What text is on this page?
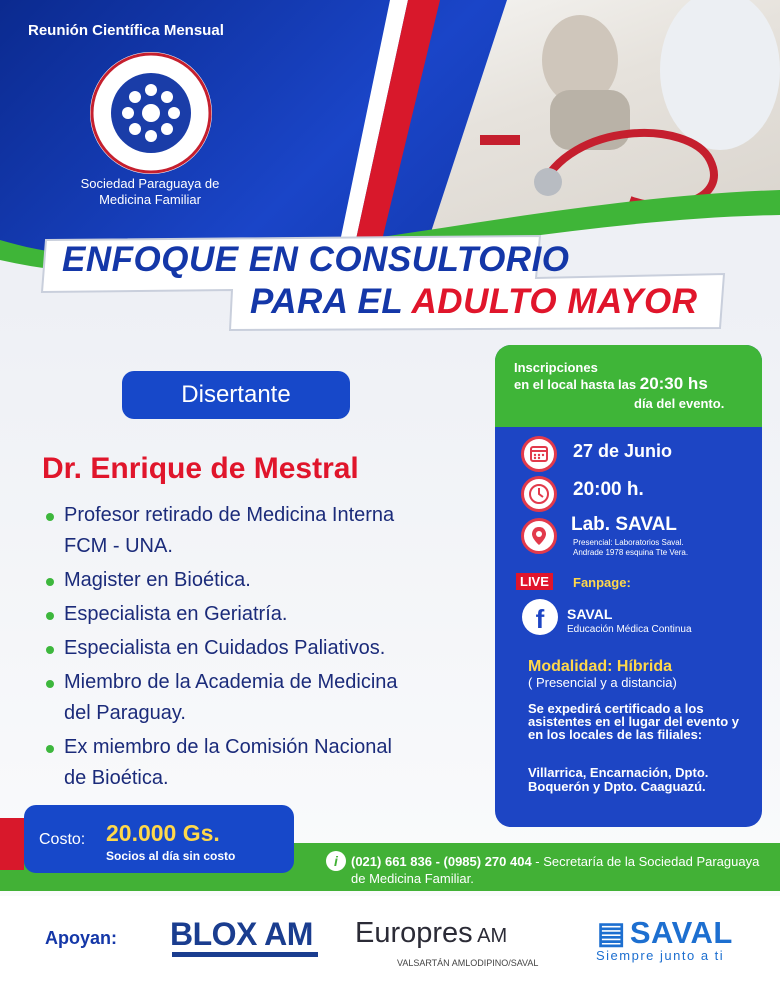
Reunión Científica Mensual
Sociedad Paraguaya de
Medicina Familiar
ENFOQUE EN CONSULTORIO
PARA EL ADULTO MAYOR
Disertante
Dr. Enrique de Mestral
Profesor retirado de Medicina Interna
FCM - UNA.
Magister en Bioética.
Especialista en Geriatría.
Especialista en Cuidados Paliativos.
Miembro de la Academia de Medicina
del Paraguay.
Ex miembro de la Comisión Nacional
de Bioética.
Inscripciones
en el local hasta las 20:30 hs
día del evento.
27 de Junio
20:00 h.
Lab. SAVAL
Presencial: Laboratorios Saval.
Andrade 1978 esquina Tte Vera.
LIVE	Fanpage:
f	SAVAL
Educación Médica Continua
Modalidad: Híbrida
( Presencial y a distancia)
Se expedirá certificado a los asistentes en el lugar del evento y en los locales de las filiales:
Villarrica, Encarnación, Dpto. Boquerón y Dpto. Caaguazú.
Costo: 20.000 Gs.
Socios al día sin costo	i	(021) 661 836 - (0985) 270 404 - Secretaría de la Sociedad Paraguaya de Medicina Familiar.
Apoyan: BLOX AM Europres AM
VALSARTÁN AMLODIPINO/SAVAL
▤ SAVAL
Siempre junto a ti
